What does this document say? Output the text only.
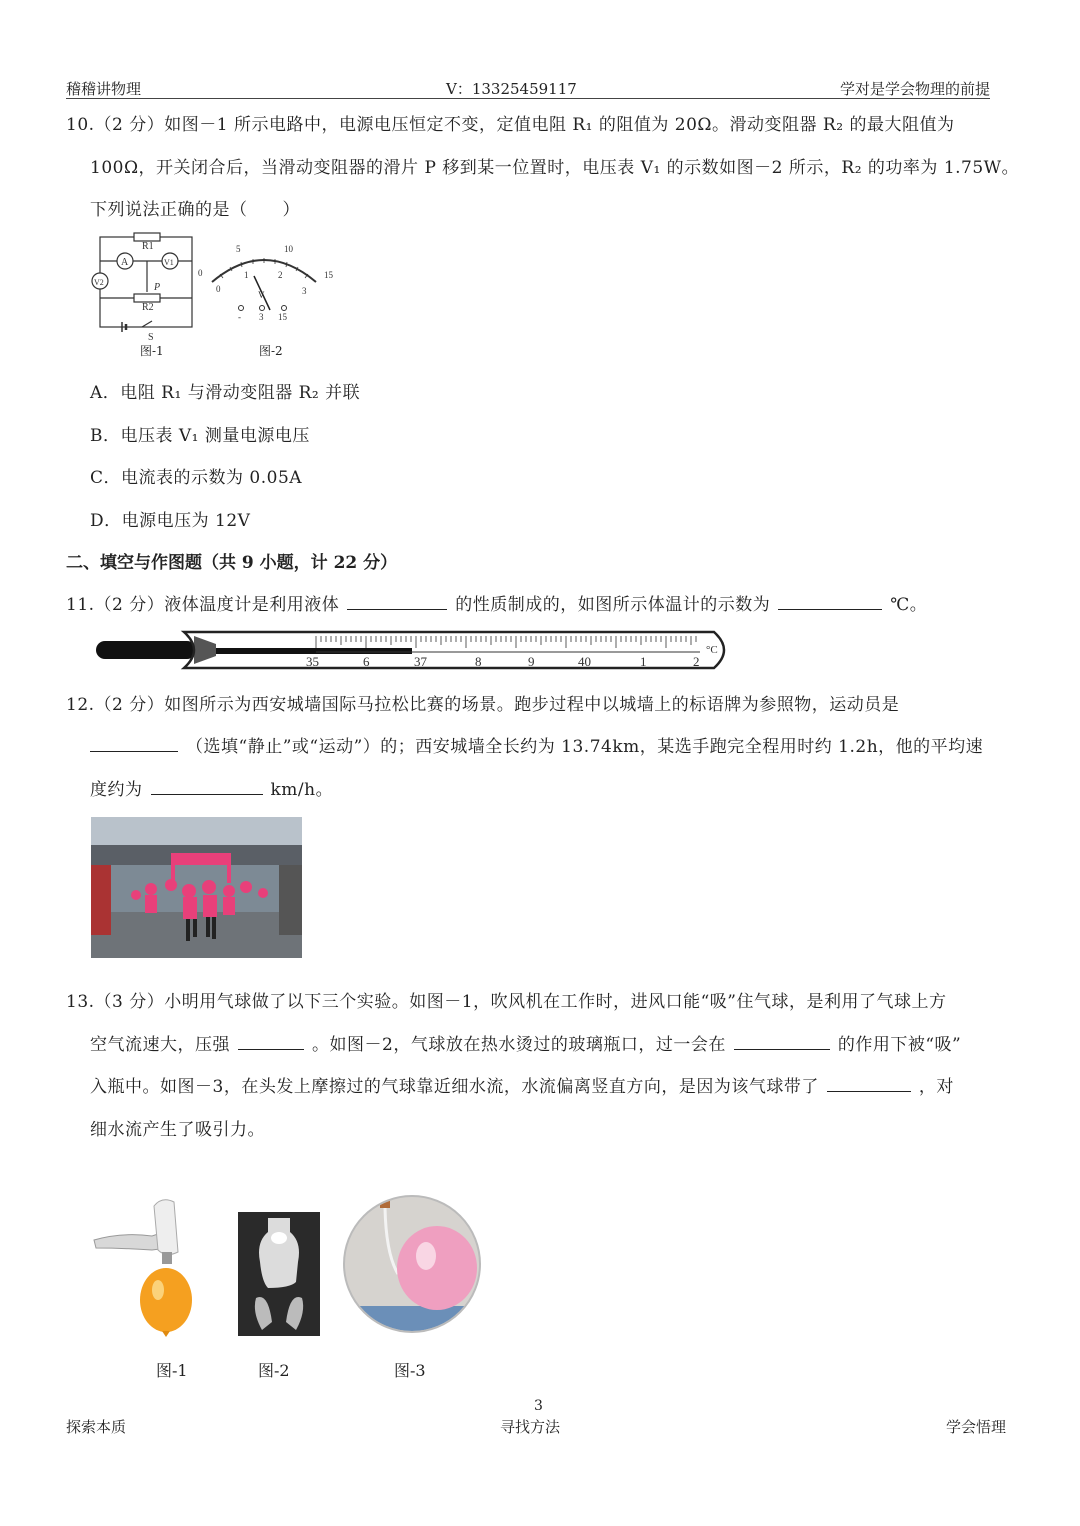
稽稽讲物理	V：13325459117	学对是学会物理的前提
10.（2 分）如图－1 所示电路中，电源电压恒定不变，定值电阻 R₁ 的阻值为 20Ω。滑动变阻器 R₂ 的最大阻值为
100Ω，开关闭合后，当滑动变阻器的滑片 P 移到某一位置时，电压表 V₁ 的示数如图－2 所示，R₂ 的功率为 1.75W。
下列说法正确的是（　　）
R1
A	V1
V2	P
R2
S
图-1
0
5	10
15
0
1	2
3
V
- 3 15
图-2
A．电阻 R₁ 与滑动变阻器 R₂ 并联
B．电压表 V₁ 测量电源电压
C．电流表的示数为 0.05A
D．电源电压为 12V
二、填空与作图题（共 9 小题，计 22 分）
11.（2 分）液体温度计是利用液体	的性质制成的，如图所示体温计的示数为	℃。
35	6	37	8	9	40	1	2
°C
12.（2 分）如图所示为西安城墙国际马拉松比赛的场景。跑步过程中以城墙上的标语牌为参照物，运动员是
（选填“静止”或“运动”）的；西安城墙全长约为 13.74km，某选手跑完全程用时约 1.2h，他的平均速
度约为	km/h。
13.（3 分）小明用气球做了以下三个实验。如图－1，吹风机在工作时，进风口能“吸”住气球，是利用了气球上方
空气流速大，压强	。如图－2，气球放在热水烫过的玻璃瓶口，过一会在	的作用下被“吸”
入瓶中。如图－3，在头发上摩擦过的气球靠近细水流，水流偏离竖直方向，是因为该气球带了	，对
细水流产生了吸引力。
图-1	图-2	图-3
3
探索本质	寻找方法	学会悟理
